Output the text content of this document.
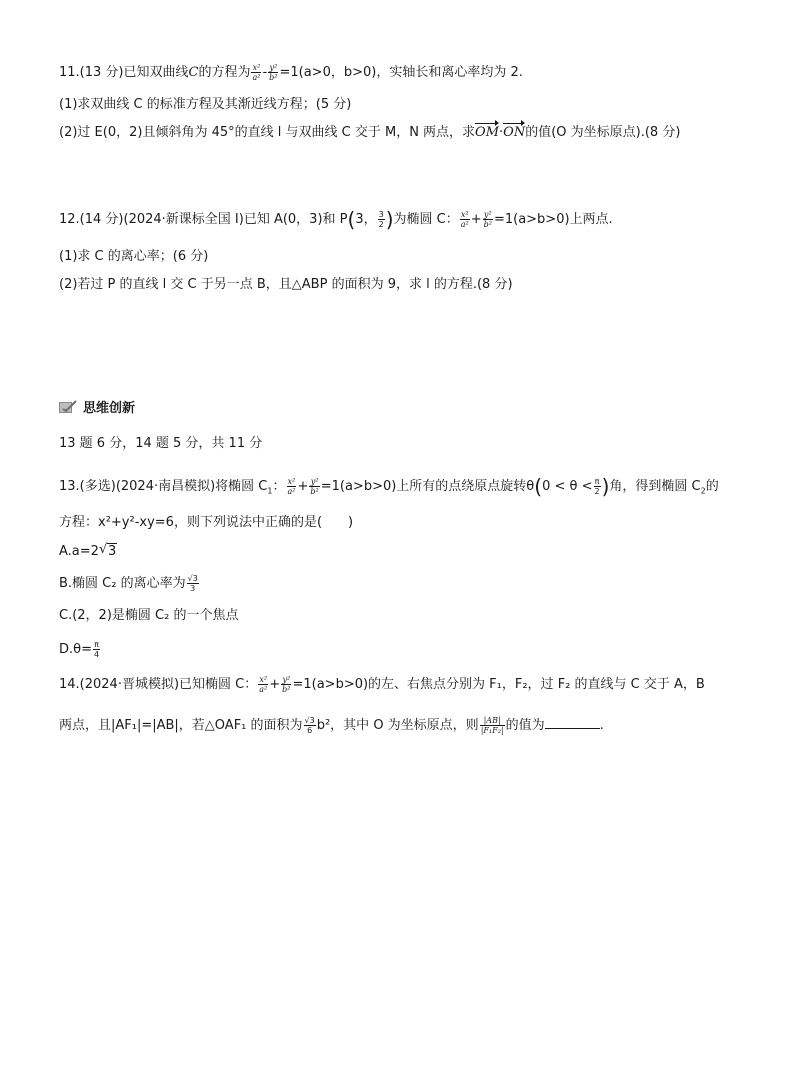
11.(13 分)已知双曲线C的方程为 $\frac{\text{x²}}{\text{a²}} - \frac{\text{y²}}{\text{b²}} =1(a>0$，b>0)，实轴长和离心率均为 2.
(1)求双曲线 C 的标准方程及其渐近线方程；(5 分)
(2)过 E(0，2)且倾斜角为 45°的直线 l 与双曲线 C 交于 M，N 两点，求OM·ON的值(O 为坐标原点).(8 分)
12.(14 分)(2024·新课标全国 Ⅰ)已知 A(0，3)和 P(3， $\frac{3}{2}$ )为椭圆 C： $\frac{\text{x²}}{\text{a²}} + \frac{\text{y²}}{\text{b²}} =1(a>b>0)$上两点.
(1)求 C 的离心率；(6 分)
(2)若过 P 的直线 l 交 C 于另一点 B，且△ABP 的面积为 9，求 l 的方程.(8 分)
思维创新
13 题 6 分，14 题 5 分，共 11 分
13.(多选)(2024·南昌模拟)将椭圆 $C_1$： $\frac{\text{x²}}{\text{a²}} + \frac{\text{y²}}{\text{b²}} =1(a>b>0)$上所有的点绕原点旋转$\theta(0 < \theta < \frac{\pi}{2}$ )角，得到椭圆 $C_2$的
方程：x²+y²-xy=6，则下列说法中正确的是(　　)
A.a=2 √ 3
B.椭圆 C₂ 的离心率为 $\frac{√3}{3}$
C.(2，2)是椭圆 C₂ 的一个焦点
$D.\theta= \frac{\pi}{4}$
14.(2024·晋城模拟)已知椭圆 C： $\frac{\text{x²}}{\text{a²}} + \frac{\text{y²}}{\text{b²}} =1(a>b>0)$的左、右焦点分别为 F₁，F₂，过 F₂ 的直线与 C 交于 A，B
两点，且|AF₁|=|AB|，若△OAF₁ 的面积为 $\frac{√3}{6} b^2$，其中 O 为坐标原点，则 $\frac{|AB|}{\text{|F₁F₂|}}$ 的值为	.
